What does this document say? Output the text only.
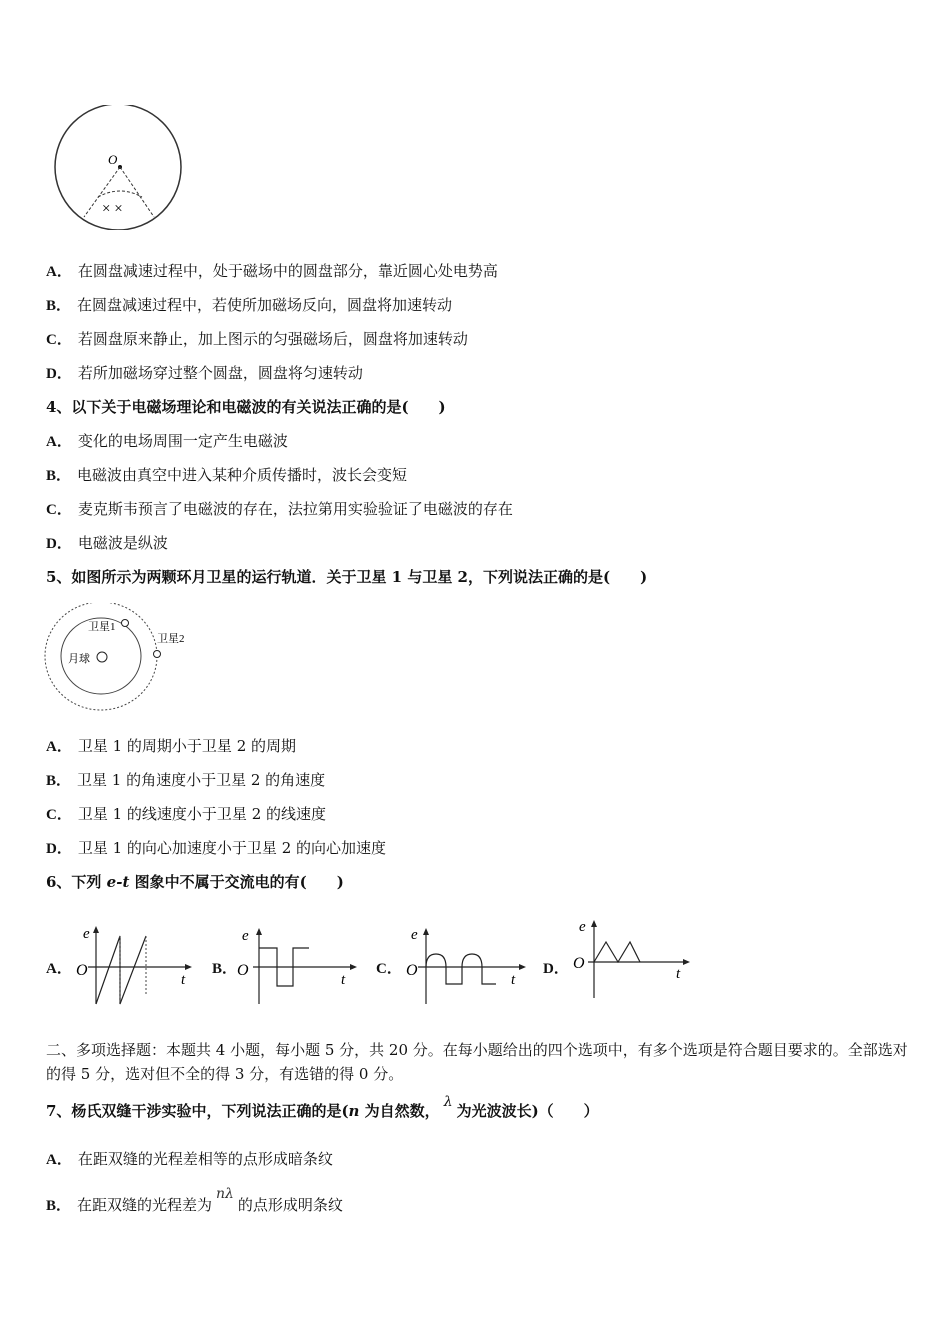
O
× ×
A． 在圆盘减速过程中，处于磁场中的圆盘部分，靠近圆心处电势高
B． 在圆盘减速过程中，若使所加磁场反向，圆盘将加速转动
C． 若圆盘原来静止，加上图示的匀强磁场后，圆盘将加速转动
D． 若所加磁场穿过整个圆盘，圆盘将匀速转动
4、以下关于电磁场理论和电磁波的有关说法正确的是(　　)
A． 变化的电场周围一定产生电磁波
B． 电磁波由真空中进入某种介质传播时，波长会变短
C． 麦克斯韦预言了电磁波的存在，法拉第用实验验证了电磁波的存在
D． 电磁波是纵波
5、如图所示为两颗环月卫星的运行轨道．关于卫星 1 与卫星 2，下列说法正确的是(　　)
卫星1
卫星2
月球
A． 卫星 1 的周期小于卫星 2 的周期
B． 卫星 1 的角速度小于卫星 2 的角速度
C． 卫星 1 的线速度小于卫星 2 的线速度
D． 卫星 1 的向心加速度小于卫星 2 的向心加速度
6、下列 e-t 图象中不属于交流电的有(　　)
A．
e
O
t
B．
e
O
t
C．
e
O
t
D．
e
O
t
二、多项选择题：本题共 4 小题，每小题 5 分，共 20 分。在每小题给出的四个选项中，有多个选项是符合题目要求的。全部选对的得 5 分，选对但不全的得 3 分，有选错的得 0 分。
7、杨氏双缝干涉实验中，下列说法正确的是(n 为自然数， λ 为光波波长)（　　）
A． 在距双缝的光程差相等的点形成暗条纹
B． 在距双缝的光程差为nλ的点形成明条纹
